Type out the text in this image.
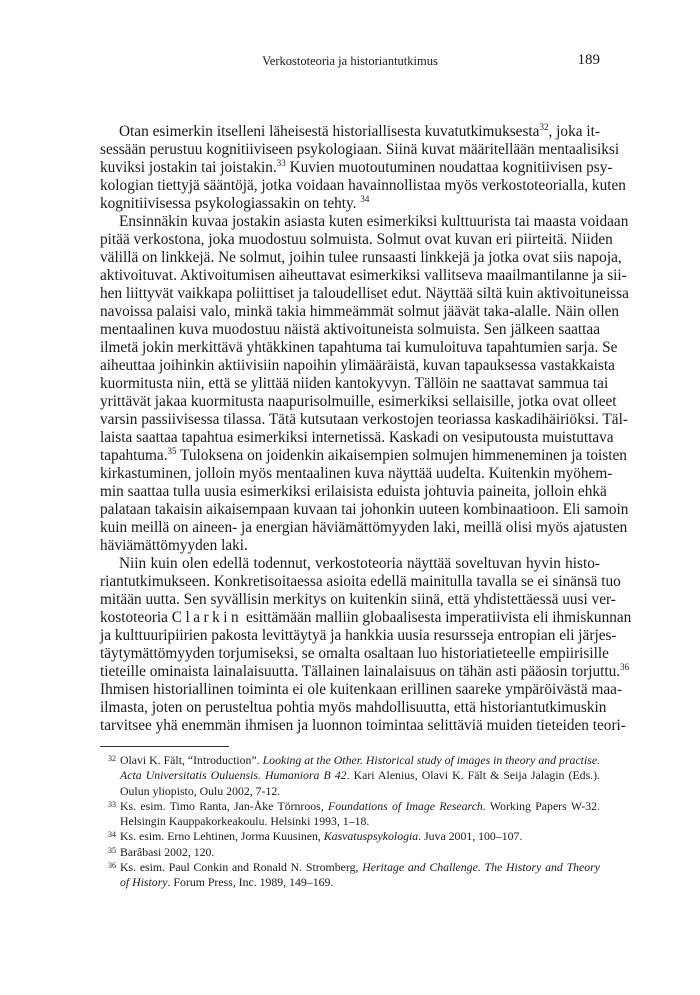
Verkostoteoria ja historiantutkimus	189
Otan esimerkin itselleni läheisestä historiallisesta kuvatutkimuksesta$^{32}$, joka it-
sessään perustuu kognitiiviseen psykologiaan. Siinä kuvat määritellään mentaalisiksi
kuviksi jostakin tai joistakin.$^{33}$ Kuvien muotoutuminen noudattaa kognitiivisen psy-
kologian tiettyjä sääntöjä, jotka voidaan havainnollistaa myös verkostoteorialla, kuten
kognitiivisessa psykologiassakin on tehty. $^{34}$
Ensinnäkin kuvaa jostakin asiasta kuten esimerkiksi kulttuurista tai maasta voidaan
pitää verkostona, joka muodostuu solmuista. Solmut ovat kuvan eri piirteitä. Niiden
välillä on linkkejä. Ne solmut, joihin tulee runsaasti linkkejä ja jotka ovat siis napoja,
aktivoituvat. Aktivoitumisen aiheuttavat esimerkiksi vallitseva maailmantilanne ja sii-
hen liittyvät vaikkapa poliittiset ja taloudelliset edut. Näyttää siltä kuin aktivoituneissa
navoissa palaisi valo, minkä takia himmeämmät solmut jäävät taka-alalle. Näin ollen
mentaalinen kuva muodostuu näistä aktivoituneista solmuista. Sen jälkeen saattaa
ilmetä jokin merkittävä yhtäkkinen tapahtuma tai kumuloituva tapahtumien sarja. Se
aiheuttaa joihinkin aktiivisiin napoihin ylimääräistä, kuvan tapauksessa vastakkaista
kuormitusta niin, että se ylittää niiden kantokyvyn. Tällöin ne saattavat sammua tai
yrittävät jakaa kuormitusta naapurisolmuille, esimerkiksi sellaisille, jotka ovat olleet
varsin passiivisessa tilassa. Tätä kutsutaan verkostojen teoriassa kaskadihäiriöksi. Täl-
laista saattaa tapahtua esimerkiksi internetissä. Kaskadi on vesiputousta muistuttava
tapahtuma.$^{35}$ Tuloksena on joidenkin aikaisempien solmujen himmeneminen ja toisten
kirkastuminen, jolloin myös mentaalinen kuva näyttää uudelta. Kuitenkin myöhem-
min saattaa tulla uusia esimerkiksi erilaisista eduista johtuvia paineita, jolloin ehkä
palataan takaisin aikaisempaan kuvaan tai johonkin uuteen kombinaatioon. Eli samoin
kuin meillä on aineen- ja energian häviämättömyyden laki, meillä olisi myös ajatusten
häviämättömyyden laki.
Niin kuin olen edellä todennut, verkostoteoria näyttää soveltuvan hyvin histo-
riantutkimukseen. Konkretisoitaessa asioita edellä mainitulla tavalla se ei sinänsä tuo
mitään uutta. Sen syvällisin merkitys on kuitenkin siinä, että yhdistettäessä uusi ver-
kostoteoria Clarkin esittämään malliin globaalisesta imperatiivista eli ihmiskunnan
ja kulttuuripiirien pakosta levittäytyä ja hankkia uusia resursseja entropian eli järjes-
täytymättömyyden torjumiseksi, se omalta osaltaan luo historiatieteelle empiirisille
tieteille ominaista lainalaisuutta. Tällainen lainalaisuus on tähän asti pääosin torjuttu.$^{36}$
Ihmisen historiallinen toiminta ei ole kuitenkaan erillinen saareke ympäröivästä maa-
ilmasta, joten on perusteltua pohtia myös mahdollisuutta, että historiantutkimuskin
tarvitsee yhä enemmän ihmisen ja luonnon toimintaa selittäviä muiden tieteiden teori-
32 Olavi K. Fält, “Introduction”. Looking at the Other. Historical study of images in theory and practise.
Acta Universitatis Ouluensis. Humaniora B 42. Kari Alenius, Olavi K. Fält & Seija Jalagin (Eds.).
Oulun yliopisto, Oulu 2002, 7-12.
33 Ks. esim. Timo Ranta, Jan-Åke Törnroos, Foundations of Image Research. Working Papers W-32.
Helsingin Kauppakorkeakoulu. Helsinki 1993, 1–18.
34 Ks. esim. Erno Lehtinen, Jorma Kuusinen, Kasvatuspsykologia. Juva 2001, 100–107.
35 Barâbasi 2002, 120.
36 Ks. esim. Paul Conkin and Ronald N. Stromberg, Heritage and Challenge. The History and Theory
of History. Forum Press, Inc. 1989, 149–169.
